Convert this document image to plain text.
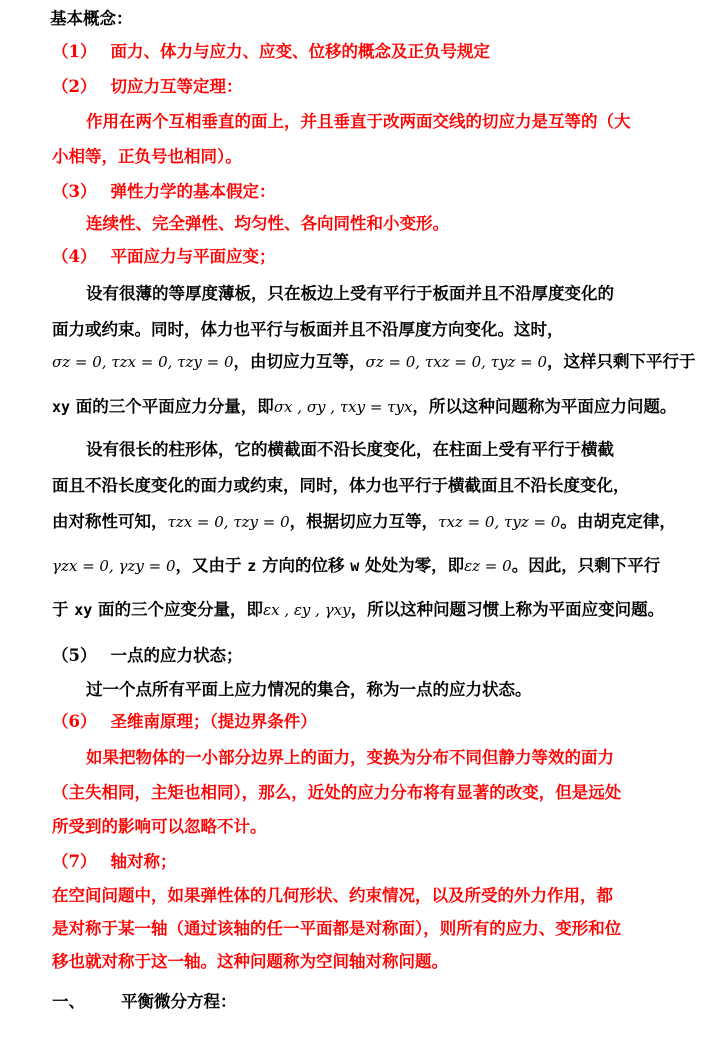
基本概念：
（1） 面力、体力与应力、应变、位移的概念及正负号规定
（2） 切应力互等定理：
作用在两个互相垂直的面上，并且垂直于改两面交线的切应力是互等的（大
小相等，正负号也相同）。
（3） 弹性力学的基本假定：
连续性、完全弹性、均匀性、各向同性和小变形。
（4） 平面应力与平面应变；
设有很薄的等厚度薄板，只在板边上受有平行于板面并且不沿厚度变化的
面力或约束。同时，体力也平行与板面并且不沿厚度方向变化。这时，
σz = 0, τzx = 0, τzy = 0，由切应力互等，σz = 0, τxz = 0, τyz = 0，这样只剩下平行于
xy 面的三个平面应力分量，即σx , σy , τxy = τyx，所以这种问题称为平面应力问题。
设有很长的柱形体，它的横截面不沿长度变化，在柱面上受有平行于横截
面且不沿长度变化的面力或约束，同时，体力也平行于横截面且不沿长度变化，
由对称性可知，τzx = 0, τzy = 0，根据切应力互等，τxz = 0, τyz = 0。由胡克定律，
γzx = 0, γzy = 0，又由于 z 方向的位移 w 处处为零，即εz = 0。因此，只剩下平行
于 xy 面的三个应变分量，即εx , εy , γxy，所以这种问题习惯上称为平面应变问题。
（5） 一点的应力状态；
过一个点所有平面上应力情况的集合，称为一点的应力状态。
（6） 圣维南原理；（提边界条件）
如果把物体的一小部分边界上的面力，变换为分布不同但静力等效的面力
（主失相同，主矩也相同），那么，近处的应力分布将有显著的改变，但是远处
所受到的影响可以忽略不计。
（7） 轴对称；
在空间问题中，如果弹性体的几何形状、约束情况，以及所受的外力作用，都
是对称于某一轴（通过该轴的任一平面都是对称面），则所有的应力、变形和位
移也就对称于这一轴。这种问题称为空间轴对称问题。
一、 平衡微分方程：
